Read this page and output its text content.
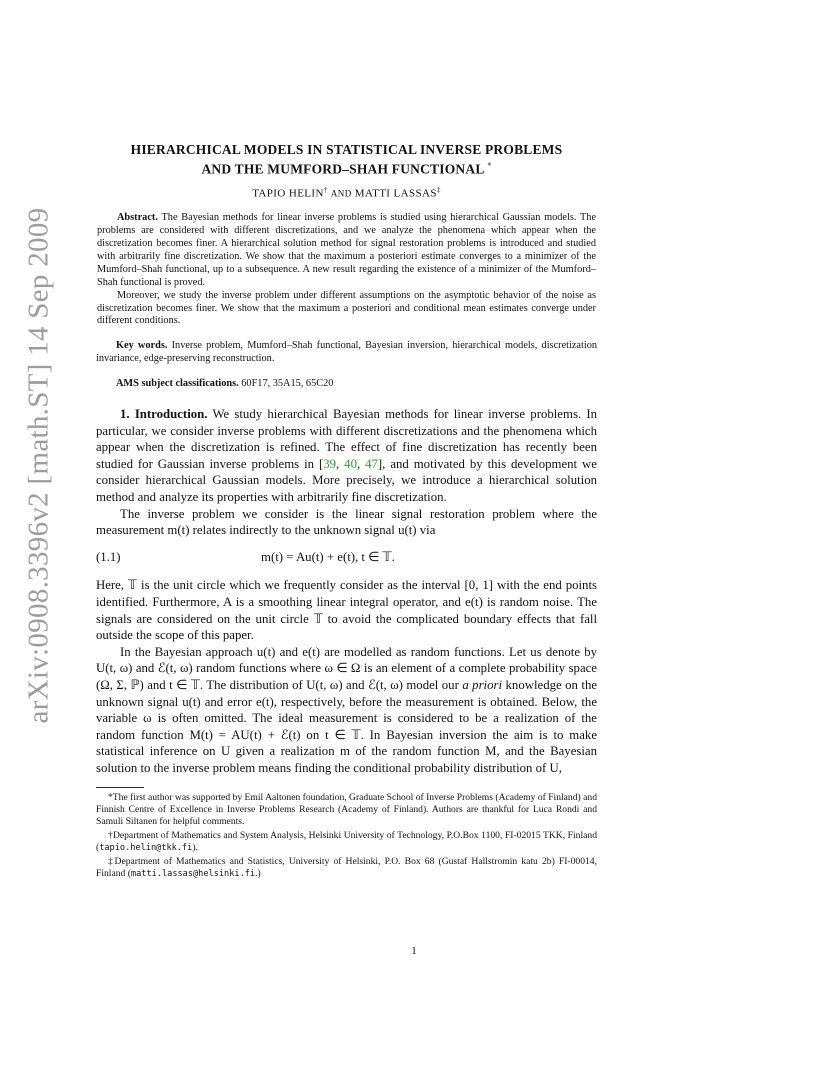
arXiv:0908.3396v2 [math.ST] 14 Sep 2009
HIERARCHICAL MODELS IN STATISTICAL INVERSE PROBLEMS
AND THE MUMFORD–SHAH FUNCTIONAL *
TAPIO HELIN† AND MATTI LASSAS‡

Abstract. The Bayesian methods for linear inverse problems is studied using hierarchical Gaussian models. The problems are considered with different discretizations, and we analyze the phenomena which appear when the discretization becomes finer. A hierarchical solution method for signal restoration problems is introduced and studied with arbitrarily fine discretization. We show that the maximum a posteriori estimate converges to a minimizer of the Mumford–Shah functional, up to a subsequence. A new result regarding the existence of a minimizer of the Mumford–Shah functional is proved.

Moreover, we study the inverse problem under different assumptions on the asymptotic behavior of the noise as discretization becomes finer. We show that the maximum a posteriori and conditional mean estimates converge under different conditions.

Key words. Inverse problem, Mumford–Shah functional, Bayesian inversion, hierarchical models, discretization invariance, edge-preserving reconstruction.
AMS subject classifications. 60F17, 35A15, 65C20

1. Introduction. We study hierarchical Bayesian methods for linear inverse problems. In particular, we consider inverse problems with different discretizations and the phenomena which appear when the discretization is refined. The effect of fine discretization has recently been studied for Gaussian inverse problems in [39, 40, 47], and motivated by this development we consider hierarchical Gaussian models. More precisely, we introduce a hierarchical solution method and analyze its properties with arbitrarily fine discretization.

The inverse problem we consider is the linear signal restoration problem where the measurement m(t) relates indirectly to the unknown signal u(t) via

(1.1)	m(t) = Au(t) + e(t), t ∈ 𝕋.

Here, 𝕋 is the unit circle which we frequently consider as the interval [0, 1] with the end points identified. Furthermore, A is a smoothing linear integral operator, and e(t) is random noise. The signals are considered on the unit circle 𝕋 to avoid the complicated boundary effects that fall outside the scope of this paper.

In the Bayesian approach u(t) and e(t) are modelled as random functions. Let us denote by U(t, ω) and ℰ(t, ω) random functions where ω ∈ Ω is an element of a complete probability space (Ω, Σ, ℙ) and t ∈ 𝕋. The distribution of U(t, ω) and ℰ(t, ω) model our a priori knowledge on the unknown signal u(t) and error e(t), respectively, before the measurement is obtained. Below, the variable ω is often omitted. The ideal measurement is considered to be a realization of the random function M(t) = AU(t) + ℰ(t) on t ∈ 𝕋. In Bayesian inversion the aim is to make statistical inference on U given a realization m of the random function M, and the Bayesian solution to the inverse problem means finding the conditional probability distribution of U,

*The first author was supported by Emil Aaltonen foundation, Graduate School of Inverse Problems (Academy of Finland) and Finnish Centre of Excellence in Inverse Problems Research (Academy of Finland). Authors are thankful for Luca Rondi and Samuli Siltanen for helpful comments.

†Department of Mathematics and System Analysis, Helsinki University of Technology, P.O.Box 1100, FI-02015 TKK, Finland (tapio.helin@tkk.fi).

‡Department of Mathematics and Statistics, University of Helsinki, P.O. Box 68 (Gustaf Hallstromin katu 2b) FI-00014, Finland (matti.lassas@helsinki.fi.)

1
